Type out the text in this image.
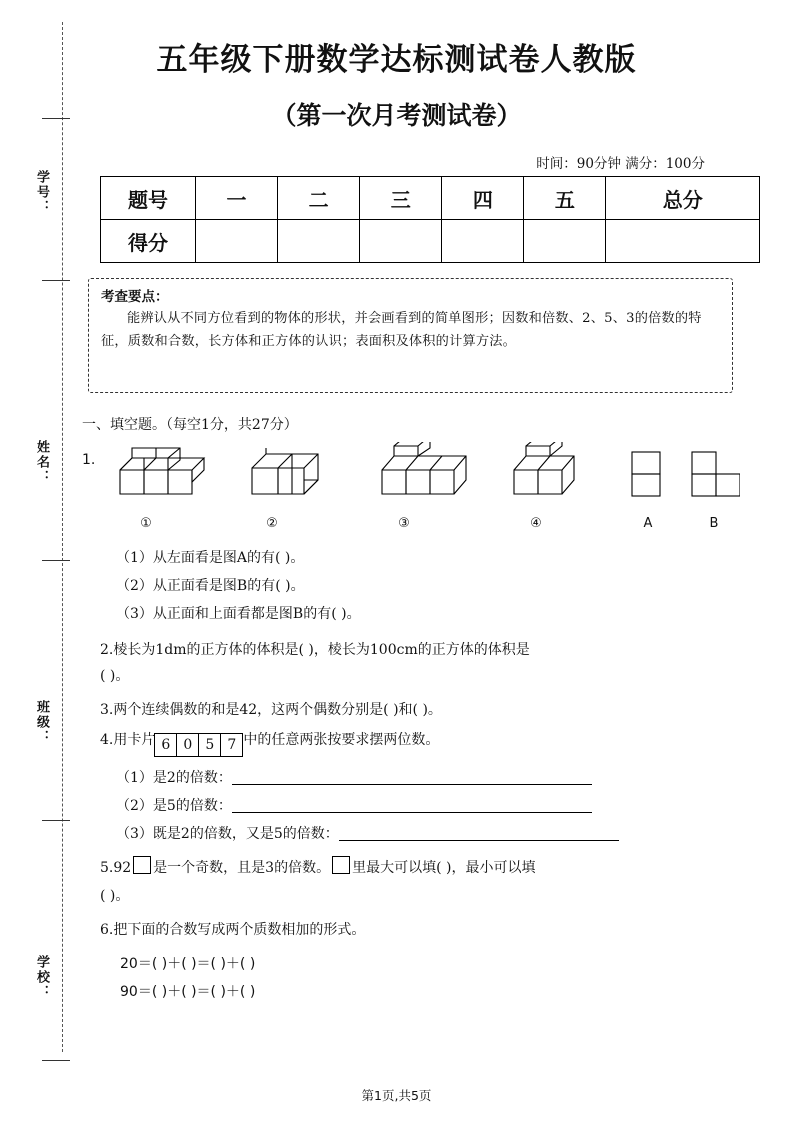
学号：
姓名：
班级：
学校：
五年级下册数学达标测试卷人教版
（第一次月考测试卷）
时间：90分钟 满分：100分
题号	一	二	三	四	五	总分
得分						
考查要点：
能辨认从不同方位看到的物体的形状，并会画看到的简单图形；因数和倍数、2、5、3的倍数的特征，质数和合数，长方体和正方体的认识；表面积及体积的计算方法。
一、填空题。（每空1分，共27分）
1.
①	②	③	④	A	B
（1）从左面看是图A的有( )。
（2）从正面看是图B的有( )。
（3）从正面和上面看都是图B的有( )。
2.棱长为1dm的正方体的体积是( )，棱长为100cm的正方体的体积是
( )。
3.两个连续偶数的和是42，这两个偶数分别是( )和( )。
4.用卡片 6 0 5 7 中的任意两张按要求摆两位数。
（1）是2的倍数：
（2）是5的倍数：
（3）既是2的倍数，又是5的倍数：
5.92 是一个奇数，且是3的倍数。 里最大可以填( )，最小可以填
( )。
6.把下面的合数写成两个质数相加的形式。
20＝( )＋( )＝( )＋( )
90＝( )＋( )＝( )＋( )
第1页,共5页
